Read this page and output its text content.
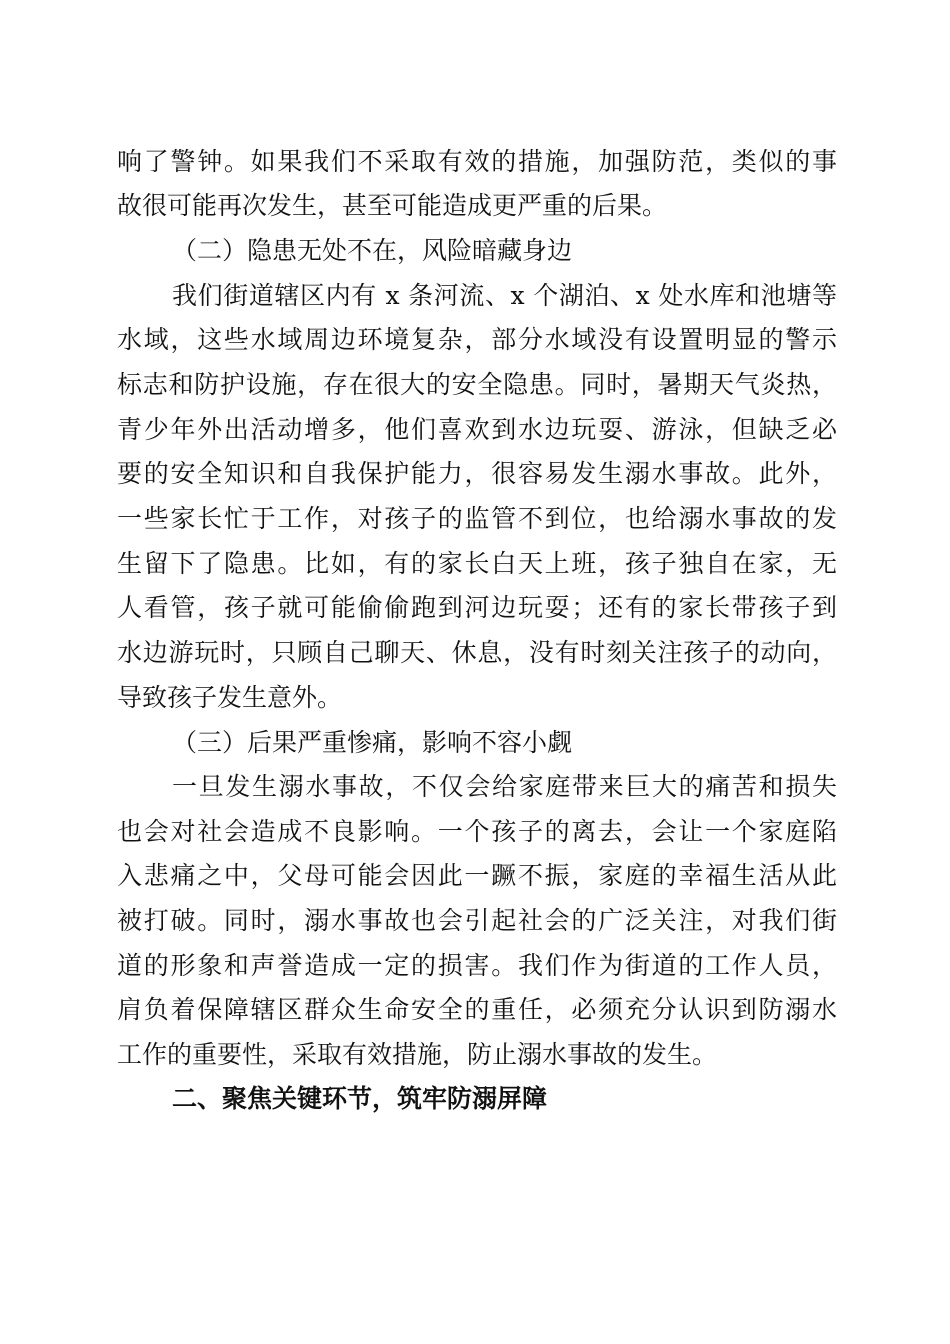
响了警钟。如果我们不采取有效的措施，加强防范，类似的事
故很可能再次发生，甚至可能造成更严重的后果。
（二）隐患无处不在，风险暗藏身边
我们街道辖区内有 x 条河流、x 个湖泊、x 处水库和池塘等
水域，这些水域周边环境复杂，部分水域没有设置明显的警示
标志和防护设施，存在很大的安全隐患。同时，暑期天气炎热，
青少年外出活动增多，他们喜欢到水边玩耍、游泳，但缺乏必
要的安全知识和自我保护能力，很容易发生溺水事故。此外，
一些家长忙于工作，对孩子的监管不到位，也给溺水事故的发
生留下了隐患。比如，有的家长白天上班，孩子独自在家，无
人看管，孩子就可能偷偷跑到河边玩耍；还有的家长带孩子到
水边游玩时，只顾自己聊天、休息，没有时刻关注孩子的动向，
导致孩子发生意外。
（三）后果严重惨痛，影响不容小觑
一旦发生溺水事故，不仅会给家庭带来巨大的痛苦和损失
也会对社会造成不良影响。一个孩子的离去，会让一个家庭陷
入悲痛之中，父母可能会因此一蹶不振，家庭的幸福生活从此
被打破。同时，溺水事故也会引起社会的广泛关注，对我们街
道的形象和声誉造成一定的损害。我们作为街道的工作人员，
肩负着保障辖区群众生命安全的重任，必须充分认识到防溺水
工作的重要性，采取有效措施，防止溺水事故的发生。
二、聚焦关键环节，筑牢防溺屏障
